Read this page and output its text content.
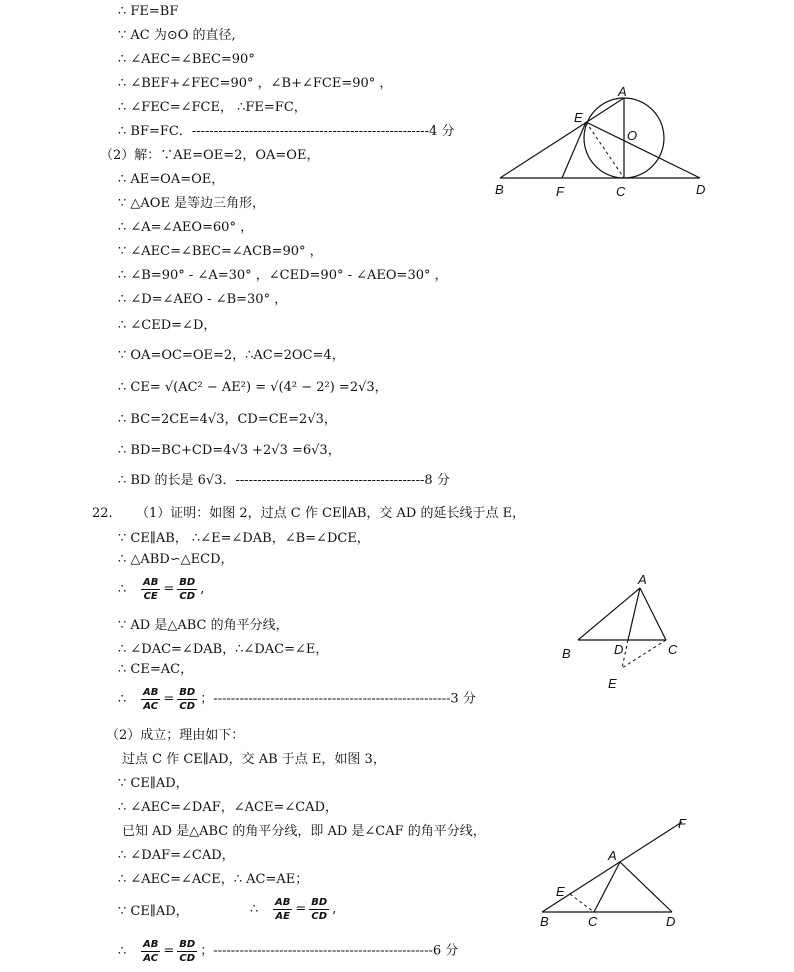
∴ FE=BF
∵ AC 为⊙O 的直径,
∴ ∠AEC=∠BEC=90°
∴ ∠BEF+∠FEC=90° ，∠B+∠FCE=90° ，
∴ ∠FEC=∠FCE， ∴FE=FC，
∴ BF=FC．------------------------------------------------------4 分
（2）解：∵AE=OE=2，OA=OE，
∴ AE=OA=OE，
∵ △AOE 是等边三角形，
∴ ∠A=∠AEO=60° ，
∵ ∠AEC=∠BEC=∠ACB=90° ，
∴ ∠B=90° - ∠A=30° ，∠CED=90° - ∠AEO=30° ，
∴ ∠D=∠AEO - ∠B=30° ，
∴ ∠CED=∠D，
∵ OA=OC=OE=2，∴AC=2OC=4，
∴ CE= √(AC² − AE²) = √(4² − 2²) =2√3，
∴ BC=2CE=4√3，CD=CE=2√3，
∴ BD=BC+CD=4√3 +2√3 =6√3，
∴ BD 的长是 6√3．-------------------------------------------8 分
22. （1）证明：如图 2，过点 C 作 CE∥AB，交 AD 的延长线于点 E，
∵ CE∥AB， ∴∠E=∠DAB，∠B=∠DCE，
∴ △ABD∽△ECD，
∴ $\frac{AB}{CE} = \frac{BD}{CD}$ ,
∵ AD 是△ABC 的角平分线，
∴ ∠DAC=∠DAB，∴∠DAC=∠E，
∴ CE=AC，
∴ $\frac{AB}{AC} = \frac{BD}{CD}$ ；------------------------------------------------------3 分
（2）成立；理由如下：
过点 C 作 CE∥AD，交 AB 于点 E，如图 3，
∵ CE∥AD，
∴ ∠AEC=∠DAF，∠ACE=∠CAD，
已知 AD 是△ABC 的角平分线，即 AD 是∠CAF 的角平分线，
∴ ∠DAF=∠CAD，
∴ ∠AEC=∠ACE，∴ AC=AE；
∵ CE∥AD，	∴ $\frac{AB}{AE} = \frac{BD}{CD}$ ,
∴ $\frac{AB}{AC} = \frac{BD}{CD}$ ；--------------------------------------------------6 分
A
E
O
B	F	C	D
A
B	D	C
E
F
A
E
B	C	D
